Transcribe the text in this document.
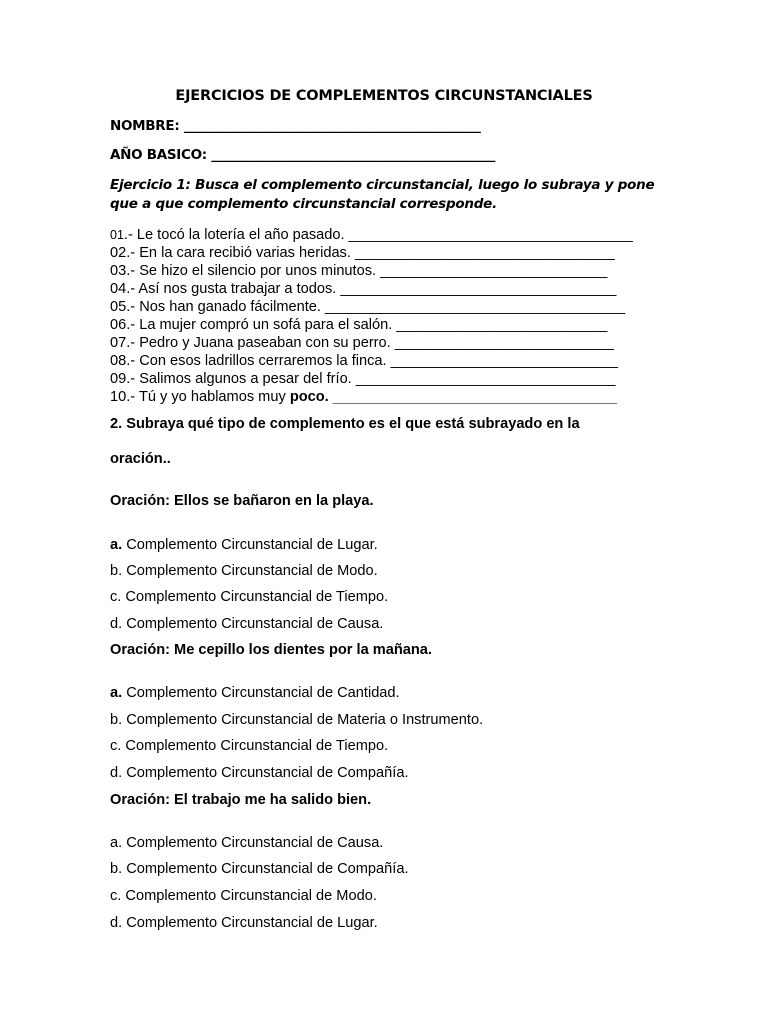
EJERCICIOS DE COMPLEMENTOS CIRCUNSTANCIALES
NOMBRE: ______________________________________________
AÑO BASICO: ____________________________________________
Ejercicio 1: Busca el complemento circunstancial, luego lo subraya y pone que a que complemento circunstancial corresponde.
01.- Le tocó la lotería el año pasado. ___________________________________
02.- En la cara recibió varias heridas. ________________________________
03.- Se hizo el silencio por unos minutos. ____________________________
04.- Así nos gusta trabajar a todos. __________________________________
05.- Nos han ganado fácilmente. _____________________________________
06.- La mujer compró un sofá para el salón. __________________________
07.- Pedro y Juana paseaban con su perro. ___________________________
08.- Con esos ladrillos cerraremos la finca. ____________________________
09.- Salimos algunos a pesar del frío. ________________________________
10.- Tú y yo hablamos muy poco. ___________________________________
2. Subraya qué tipo de complemento es el que está subrayado en la
oración..
Oración: Ellos se bañaron en la playa.
a. Complemento Circunstancial de Lugar.
b. Complemento Circunstancial de Modo.
c. Complemento Circunstancial de Tiempo.
d. Complemento Circunstancial de Causa.
Oración: Me cepillo los dientes por la mañana.
a. Complemento Circunstancial de Cantidad.
b. Complemento Circunstancial de Materia o Instrumento.
c. Complemento Circunstancial de Tiempo.
d. Complemento Circunstancial de Compañía.
Oración: El trabajo me ha salido bien.
a. Complemento Circunstancial de Causa.
b. Complemento Circunstancial de Compañía.
c. Complemento Circunstancial de Modo.
d. Complemento Circunstancial de Lugar.
